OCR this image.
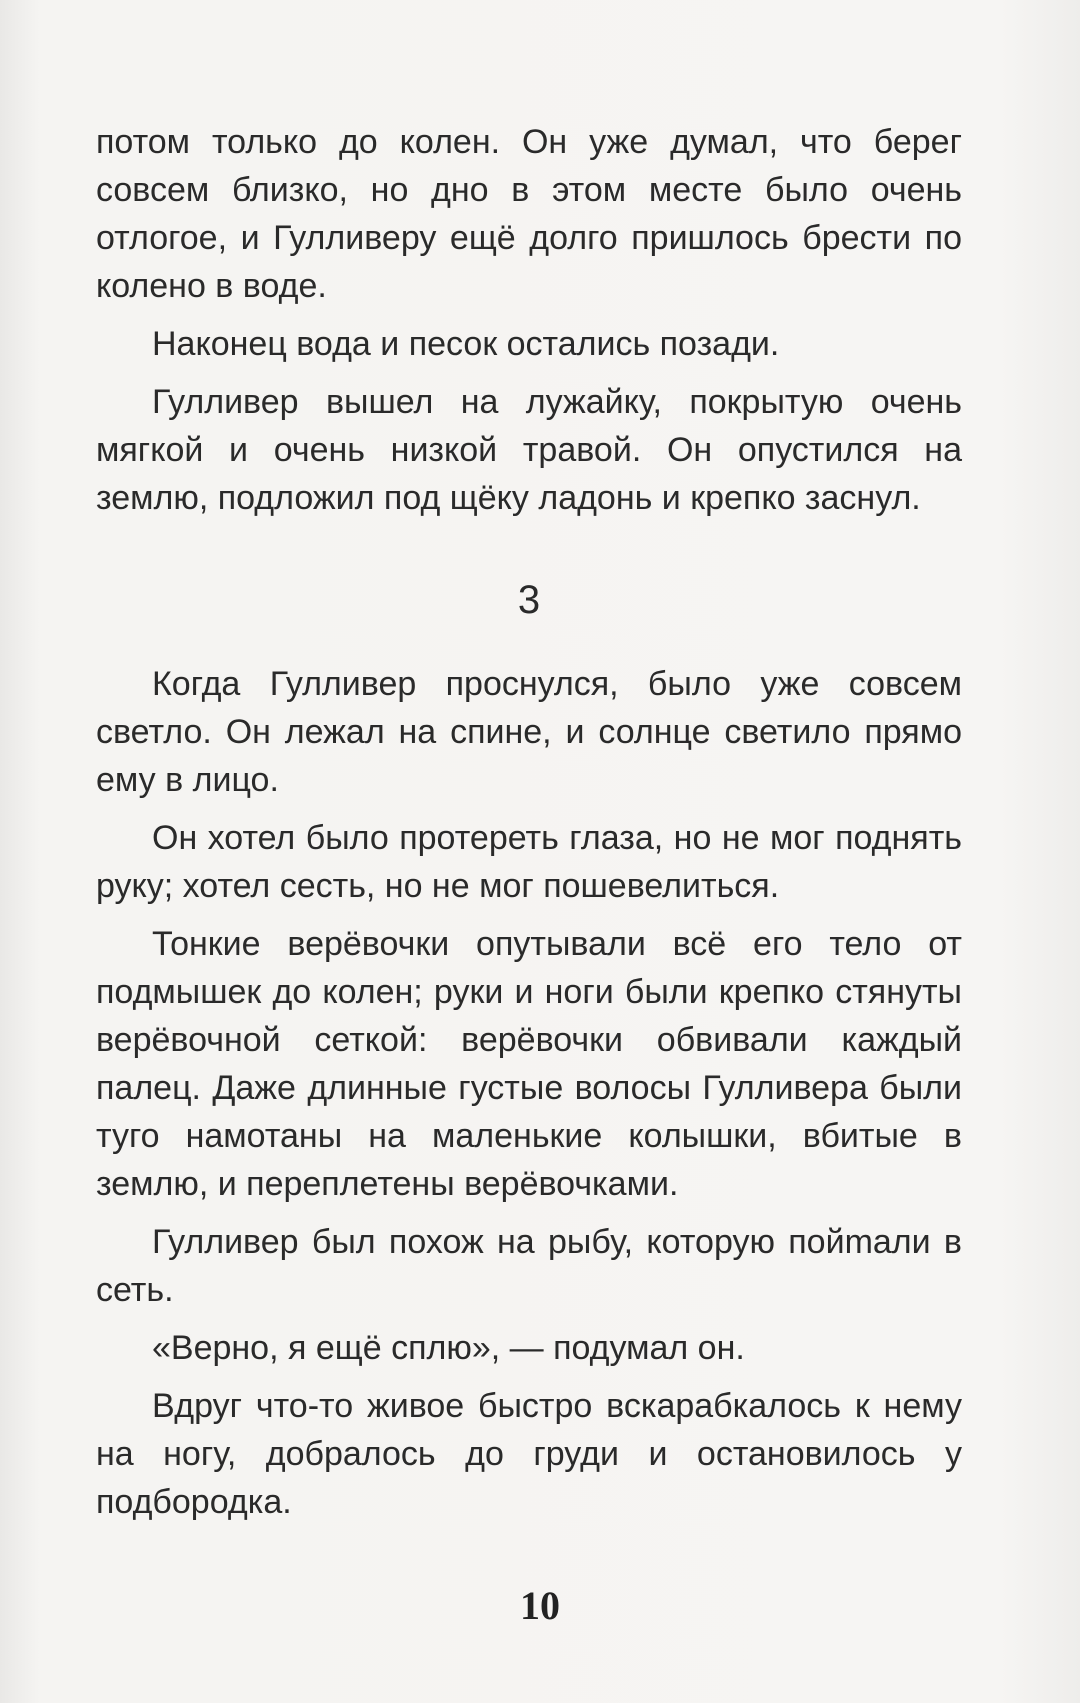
потом только до колен. Он уже думал, что берег совсем близко, но дно в этом месте было очень отлогое, и Гулливеру ещё долго пришлось брести по колено в воде.

Наконец вода и песок остались позади.

Гулливер вышел на лужайку, покрытую очень мягкой и очень низкой травой. Он опустился на землю, подложил под щёку ладонь и крепко заснул.

3

Когда Гулливер проснулся, было уже совсем светло. Он лежал на спине, и солнце светило прямо ему в лицо.

Он хотел было протереть глаза, но не мог поднять руку; хотел сесть, но не мог пошевелиться.

Тонкие верёвочки опутывали всё его тело от подмышек до колен; руки и ноги были крепко стянуты верёвочной сеткой: верёвочки обвивали каждый палец. Даже длинные густые волосы Гулливера были туго намотаны на маленькие колышки, вбитые в землю, и переплетены верёвочками.

Гулливер был похож на рыбу, которую пойmали в сеть.

«Верно, я ещё сплю», — подумал он.

Вдруг что-то живое быстро вскарабкалось к нему на ногу, добралось до груди и остановилось у подбородка.

10
